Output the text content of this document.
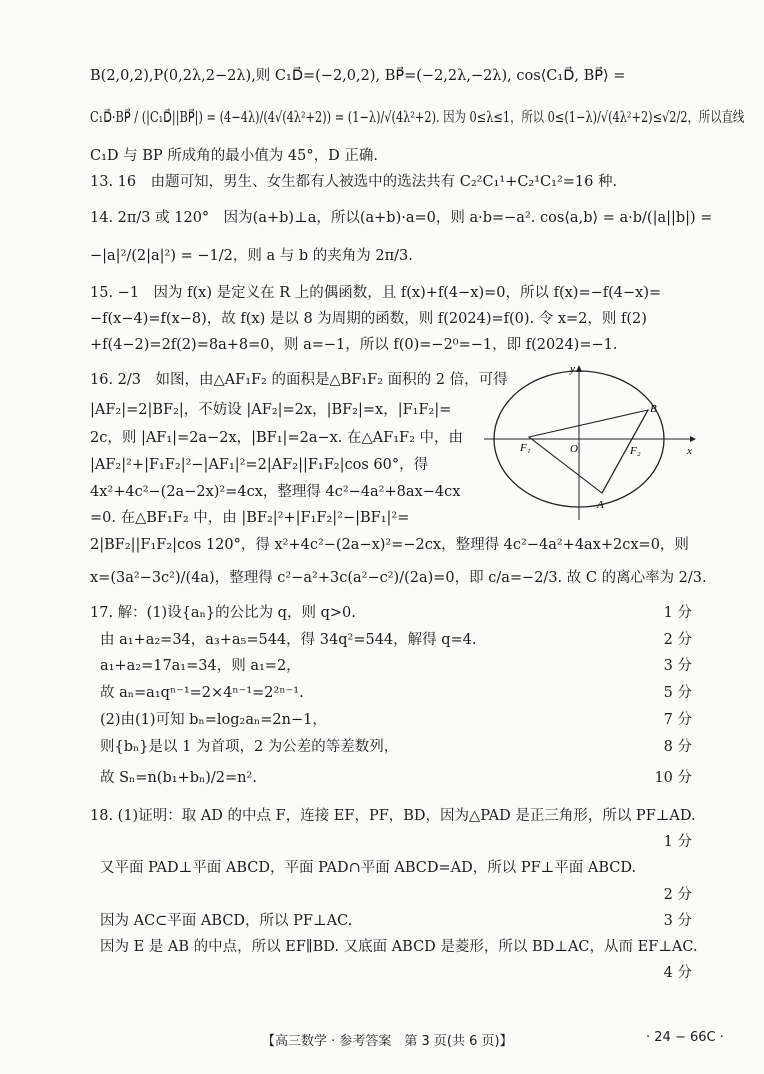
B(2,0,2),P(0,2λ,2−2λ),则 C₁D⃗=(−2,0,2), BP⃗=(−2,2λ,−2λ), cos⟨C₁D⃗, BP⃗⟩ =
C₁D⃗·BP⃗ / (|C₁D⃗||BP⃗|) = (4−4λ)/(4√(4λ²+2)) = (1−λ)/√(4λ²+2). 因为 0≤λ≤1，所以 0≤(1−λ)/√(4λ²+2)≤√2/2，所以直线
C₁D 与 BP 所成角的最小值为 45°，D 正确.
13. 16　由题可知，男生、女生都有人被选中的选法共有 C₂²C₁¹+C₂¹C₁²=16 种.
14. 2π/3 或 120°　因为(a+b)⊥a，所以(a+b)·a=0，则 a·b=−a². cos⟨a,b⟩ = a·b/(|a||b|) =
−|a|²/(2|a|²) = −1/2，则 a 与 b 的夹角为 2π/3.
15. −1　因为 f(x) 是定义在 R 上的偶函数，且 f(x)+f(4−x)=0，所以 f(x)=−f(4−x)=
−f(x−4)=f(x−8)，故 f(x) 是以 8 为周期的函数，则 f(2024)=f(0). 令 x=2，则 f(2)
+f(4−2)=2f(2)=8a+8=0，则 a=−1，所以 f(0)=−2⁰=−1，即 f(2024)=−1.
16. 2/3　如图，由△AF₁F₂ 的面积是△BF₁F₂ 面积的 2 倍，可得
|AF₂|=2|BF₂|，不妨设 |AF₂|=2x，|BF₂|=x，|F₁F₂|=
2c，则 |AF₁|=2a−2x，|BF₁|=2a−x. 在△AF₁F₂ 中，由
|AF₂|²+|F₁F₂|²−|AF₁|²=2|AF₂||F₁F₂|cos 60°，得
4x²+4c²−(2a−2x)²=4cx，整理得 4c²−4a²+8ax−4cx
=0. 在△BF₁F₂ 中，由 |BF₂|²+|F₁F₂|²−|BF₁|²=
2|BF₂||F₁F₂|cos 120°，得 x²+4c²−(2a−x)²=−2cx，整理得 4c²−4a²+4ax+2cx=0，则
x=(3a²−3c²)/(4a)，整理得 c²−a²+3c(a²−c²)/(2a)=0，即 c/a=−2/3. 故 C 的离心率为 2/3.
17. 解：(1)设{aₙ}的公比为 q，则 q>0.
由 a₁+a₂=34，a₃+a₅=544，得 34q²=544，解得 q=4.
a₁+a₂=17a₁=34，则 a₁=2，
故 aₙ=a₁qⁿ⁻¹=2×4ⁿ⁻¹=2²ⁿ⁻¹.
(2)由(1)可知 bₙ=log₂aₙ=2n−1，
则{bₙ}是以 1 为首项，2 为公差的等差数列，
故 Sₙ=n(b₁+bₙ)/2=n².
18. (1)证明：取 AD 的中点 F，连接 EF，PF，BD，因为△PAD 是正三角形，所以 PF⊥AD.
又平面 PAD⊥平面 ABCD，平面 PAD∩平面 ABCD=AD，所以 PF⊥平面 ABCD.
因为 AC⊂平面 ABCD，所以 PF⊥AC.
因为 E 是 AB 的中点，所以 EF∥BD. 又底面 ABCD 是菱形，所以 BD⊥AC，从而 EF⊥AC.
1 分
2 分
3 分
5 分
7 分
8 分
10 分
1 分
2 分
3 分
4 分
y
x
O
F₁	F₂
A
B
【高三数学 · 参考答案　第 3 页(共 6 页)】	· 24 − 66C ·
